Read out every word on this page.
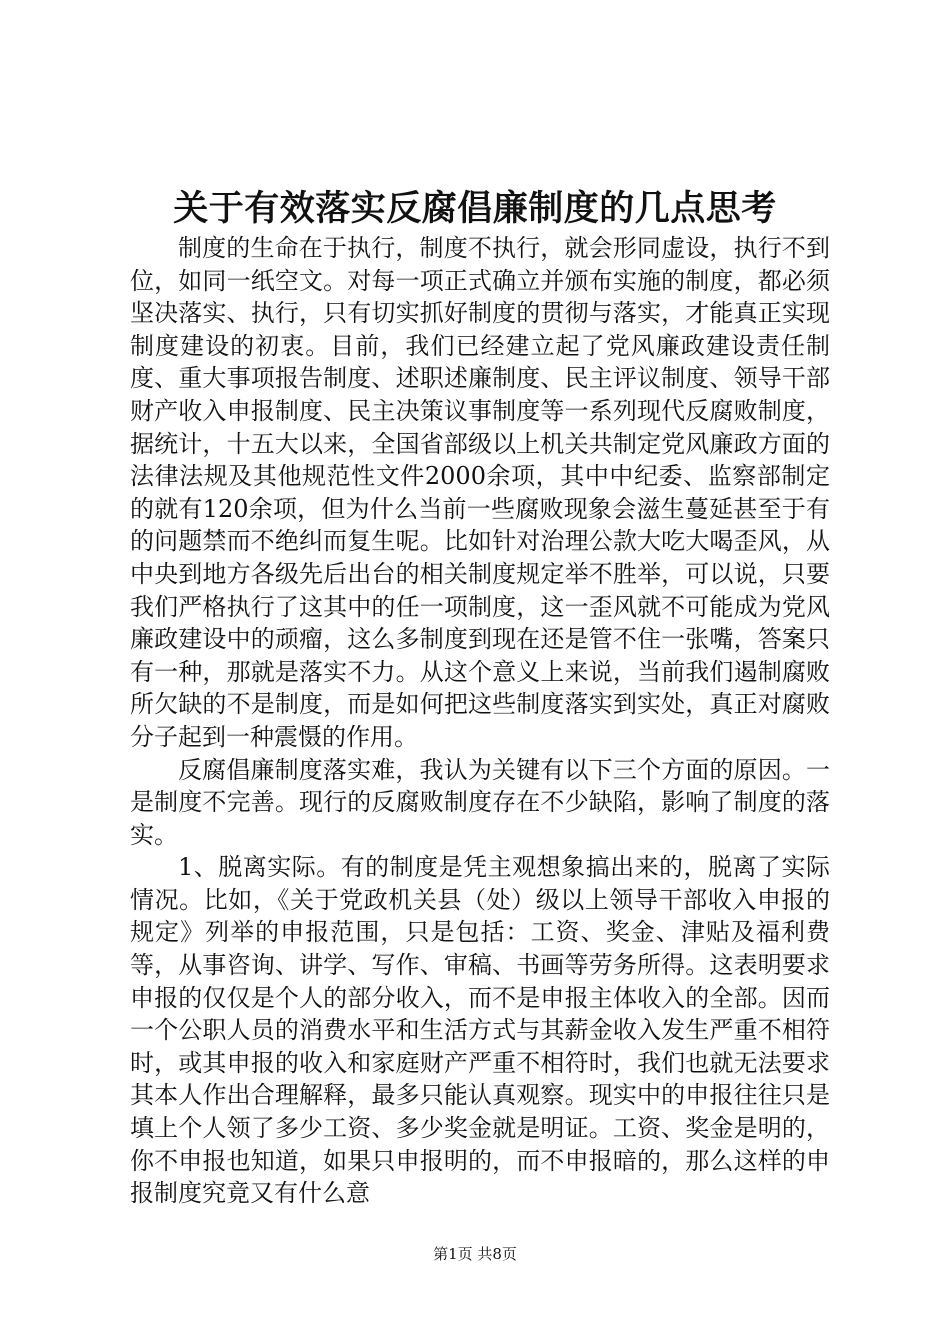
关于有效落实反腐倡廉制度的几点思考

制度的生命在于执行，制度不执行，就会形同虚设，执行不到位，如同一纸空文。对每一项正式确立并颁布实施的制度，都必须坚决落实、执行，只有切实抓好制度的贯彻与落实，才能真正实现制度建设的初衷。目前，我们已经建立起了党风廉政建设责任制度、重大事项报告制度、述职述廉制度、民主评议制度、领导干部财产收入申报制度、民主决策议事制度等一系列现代反腐败制度，据统计，十五大以来，全国省部级以上机关共制定党风廉政方面的法律法规及其他规范性文件2000余项，其中中纪委、监察部制定的就有120余项，但为什么当前一些腐败现象会滋生蔓延甚至于有的问题禁而不绝纠而复生呢。比如针对治理公款大吃大喝歪风，从中央到地方各级先后出台的相关制度规定举不胜举，可以说，只要我们严格执行了这其中的任一项制度，这一歪风就不可能成为党风廉政建设中的顽瘤，这么多制度到现在还是管不住一张嘴，答案只有一种，那就是落实不力。从这个意义上来说，当前我们遏制腐败所欠缺的不是制度，而是如何把这些制度落实到实处，真正对腐败分子起到一种震慑的作用。

反腐倡廉制度落实难，我认为关键有以下三个方面的原因。一是制度不完善。现行的反腐败制度存在不少缺陷，影响了制度的落实。

1、脱离实际。有的制度是凭主观想象搞出来的，脱离了实际情况。比如，《关于党政机关县（处）级以上领导干部收入申报的规定》列举的申报范围，只是包括：工资、奖金、津贴及福利费等，从事咨询、讲学、写作、审稿、书画等劳务所得。这表明要求申报的仅仅是个人的部分收入，而不是申报主体收入的全部。因而一个公职人员的消费水平和生活方式与其薪金收入发生严重不相符时，或其申报的收入和家庭财产严重不相符时，我们也就无法要求其本人作出合理解释，最多只能认真观察。现实中的申报往往只是填上个人领了多少工资、多少奖金就是明证。工资、奖金是明的，你不申报也知道，如果只申报明的，而不申报暗的，那么这样的申报制度究竟又有什么意

第1页 共8页
